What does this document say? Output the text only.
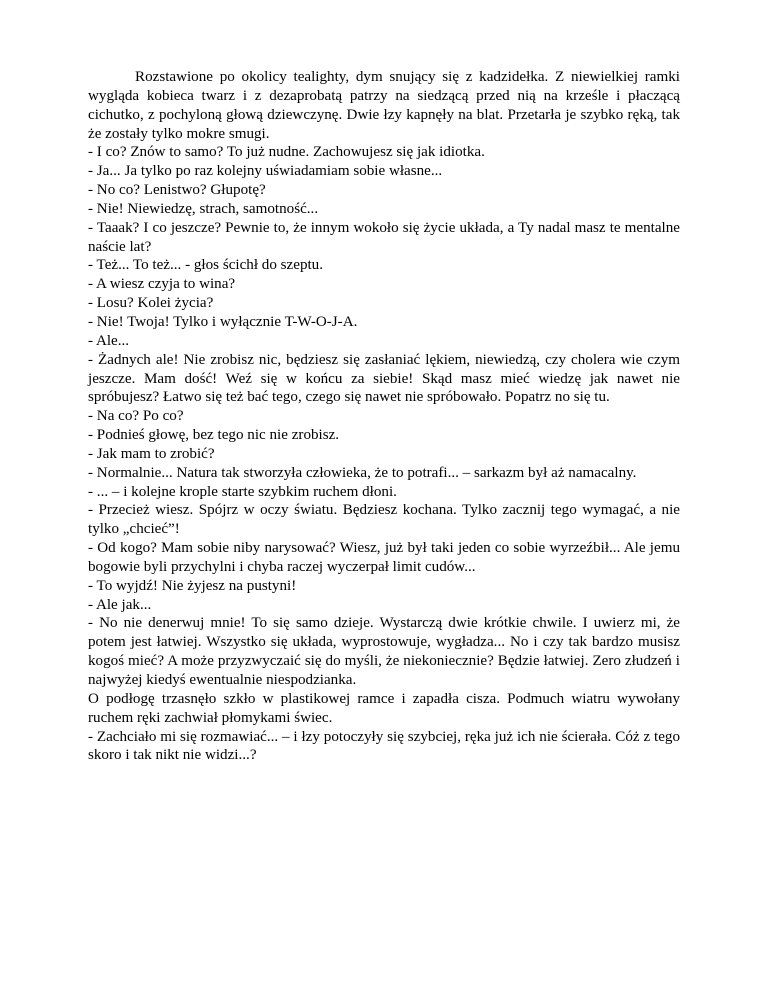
Rozstawione po okolicy tealighty, dym snujący się z kadzidełka. Z niewielkiej ramki wygląda kobieca twarz i z dezaprobatą patrzy na siedzącą przed nią na krześle i płaczącą cichutko, z pochyloną głową dziewczynę. Dwie łzy kapnęły na blat. Przetarła je szybko ręką, tak że zostały tylko mokre smugi.

- I co? Znów to samo? To już nudne. Zachowujesz się jak idiotka.

- Ja... Ja tylko po raz kolejny uświadamiam sobie własne...

- No co? Lenistwo? Głupotę?

- Nie! Niewiedzę, strach, samotność...

- Taaak? I co jeszcze? Pewnie to, że innym wokoło się życie układa, a Ty nadal masz te mentalne naście lat?

- Też... To też... - głos ścichł do szeptu.

- A wiesz czyja to wina?

- Losu? Kolei życia?

- Nie! Twoja! Tylko i wyłącznie T-W-O-J-A.

- Ale...

- Żadnych ale! Nie zrobisz nic, będziesz się zasłaniać lękiem, niewiedzą, czy cholera wie czym jeszcze. Mam dość! Weź się w końcu za siebie! Skąd masz mieć wiedzę jak nawet nie spróbujesz? Łatwo się też bać tego, czego się nawet nie spróbowało. Popatrz no się tu.

- Na co? Po co?

- Podnieś głowę, bez tego nic nie zrobisz.

- Jak mam to zrobić?

- Normalnie... Natura tak stworzyła człowieka, że to potrafi... – sarkazm był aż namacalny.

- ... – i kolejne krople starte szybkim ruchem dłoni.

- Przecież wiesz. Spójrz w oczy światu. Będziesz kochana. Tylko zacznij tego wymagać, a nie tylko „chcieć”!

- Od kogo? Mam sobie niby narysować? Wiesz, już był taki jeden co sobie wyrzeźbił... Ale jemu bogowie byli przychylni i chyba raczej wyczerpał limit cudów...

- To wyjdź! Nie żyjesz na pustyni!

- Ale jak...

- No nie denerwuj mnie! To się samo dzieje. Wystarczą dwie krótkie chwile. I uwierz mi, że potem jest łatwiej. Wszystko się układa, wyprostowuje, wygładza... No i czy tak bardzo musisz kogoś mieć? A może przyzwyczaić się do myśli, że niekoniecznie? Będzie łatwiej. Zero złudzeń i najwyżej kiedyś ewentualnie niespodzianka.

O podłogę trzasnęło szkło w plastikowej ramce i zapadła cisza. Podmuch wiatru wywołany ruchem ręki zachwiał płomykami świec.

- Zachciało mi się rozmawiać... – i łzy potoczyły się szybciej, ręka już ich nie ścierała. Cóż z tego skoro i tak nikt nie widzi...?
